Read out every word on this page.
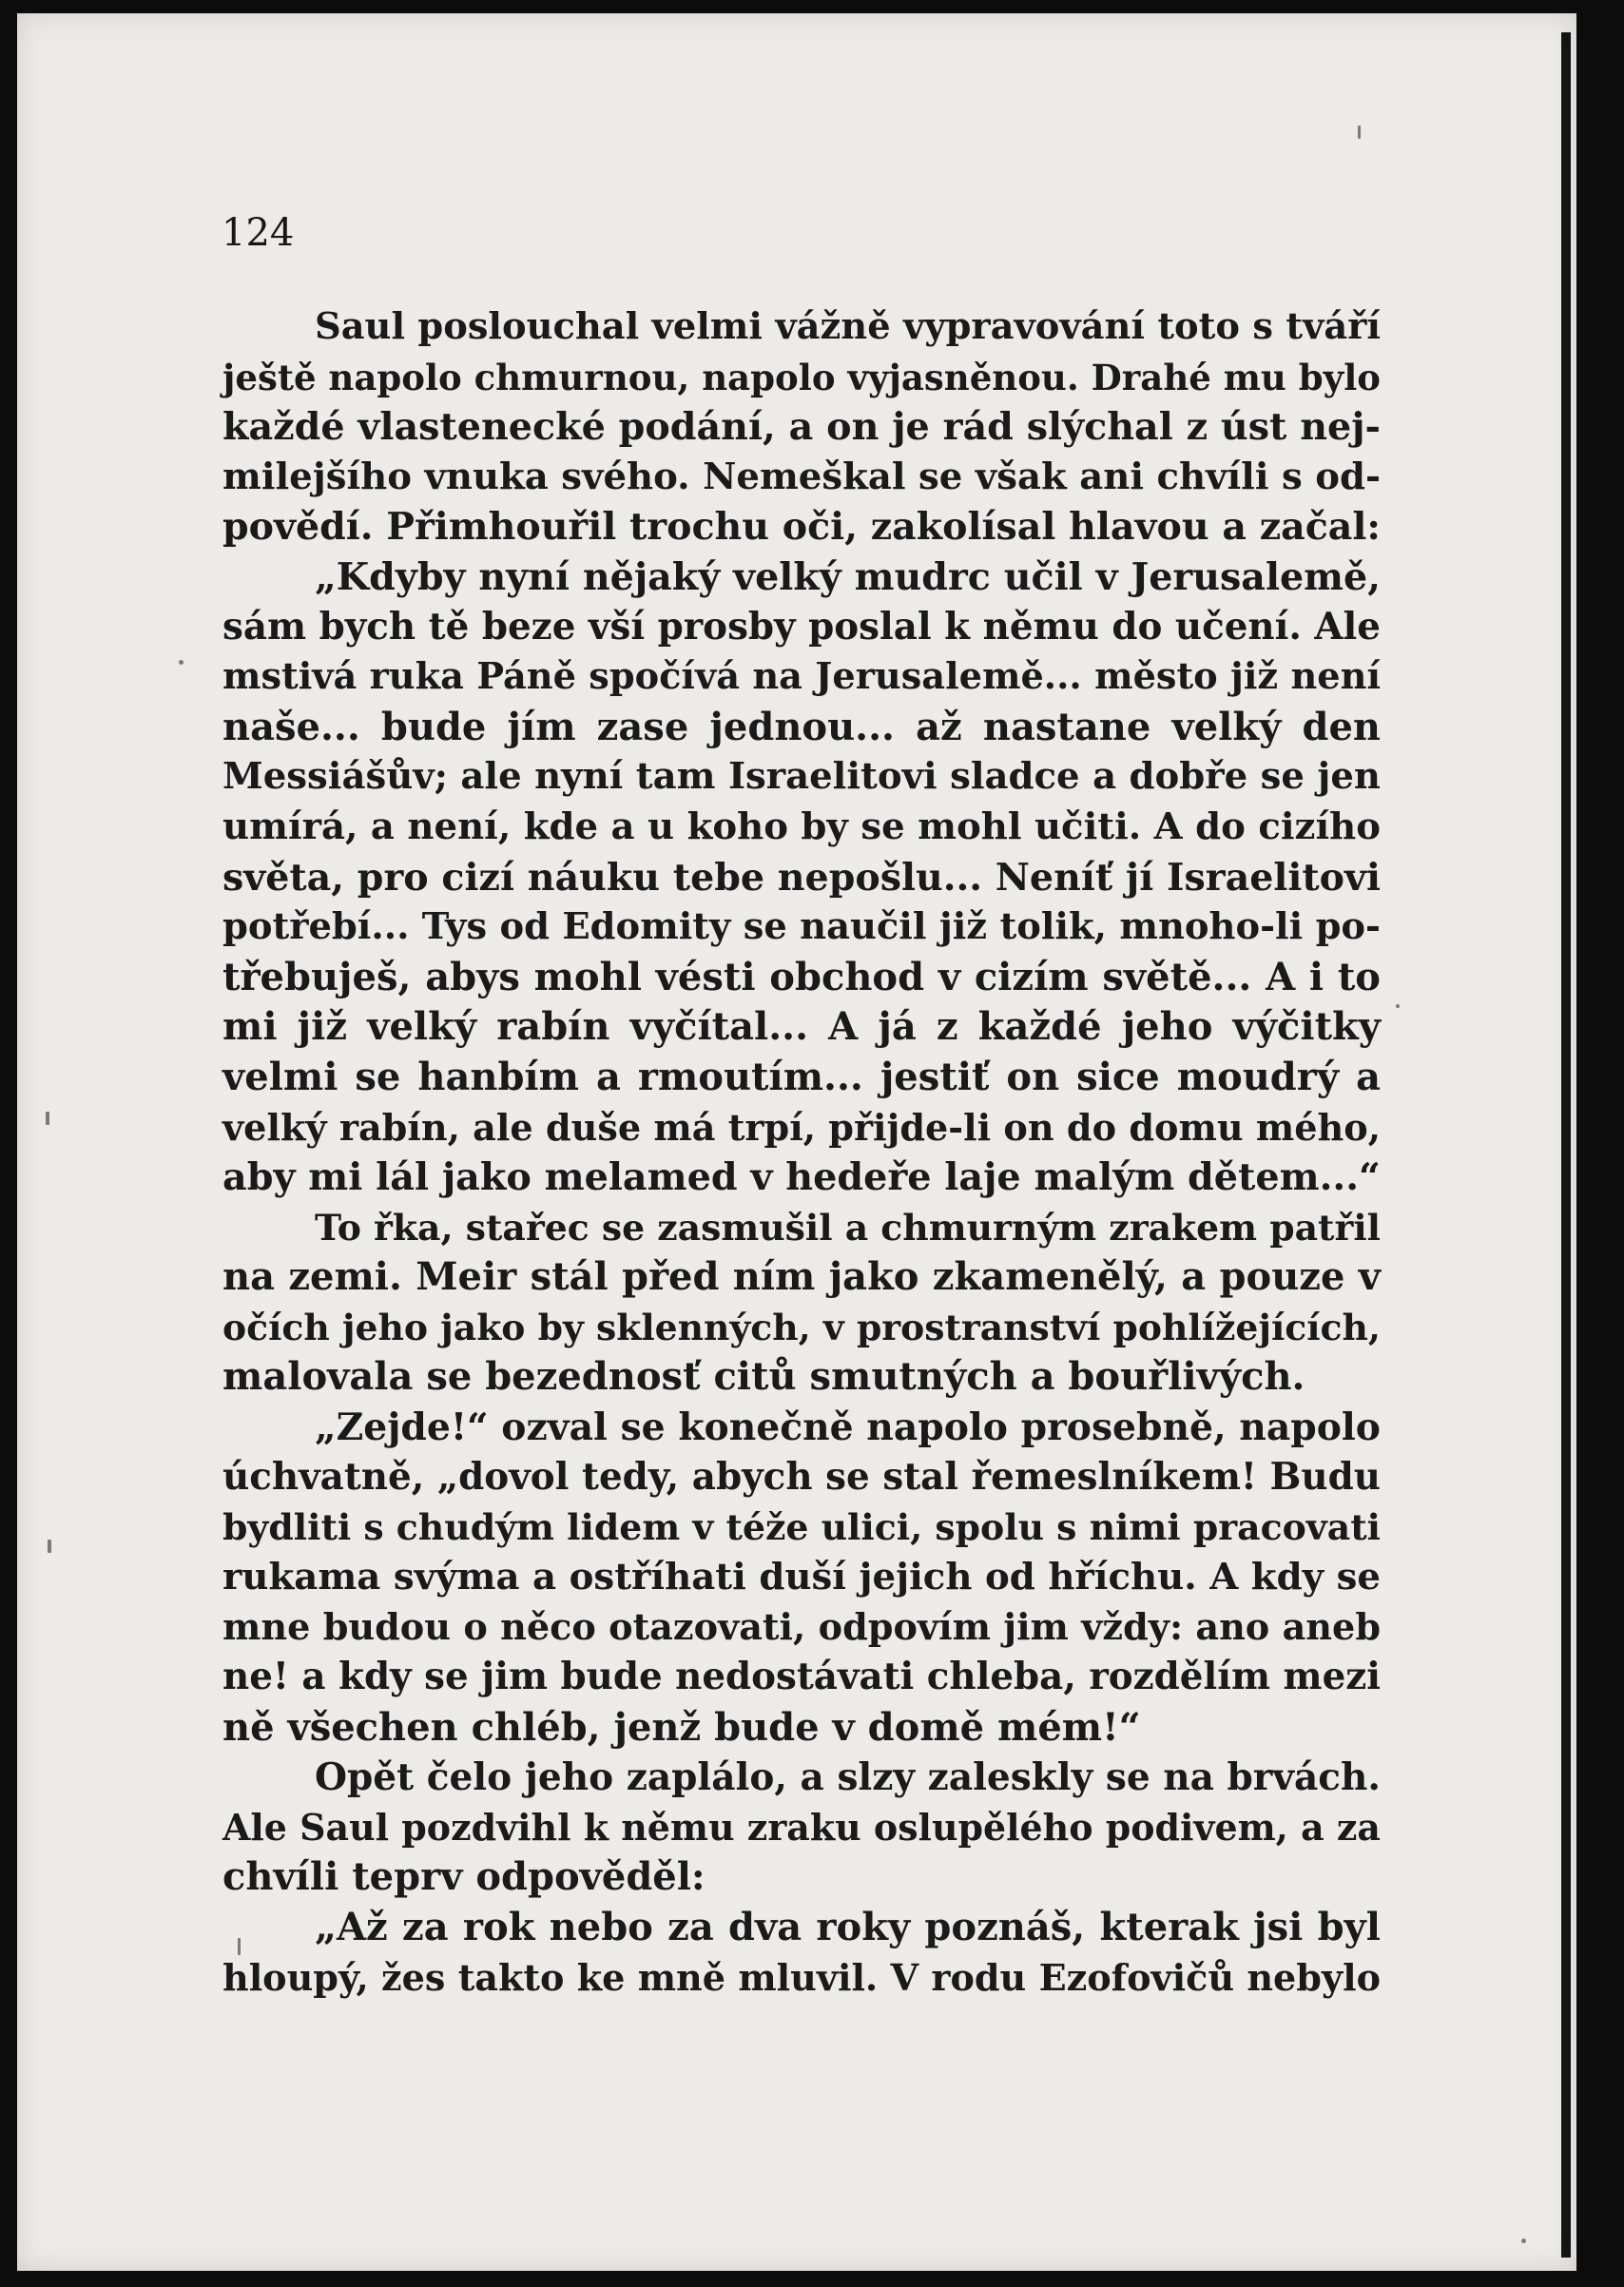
124
Saul poslouchal velmi vážně vypravování toto s tváří
ještě napolo chmurnou, napolo vyjasněnou. Drahé mu bylo
každé vlastenecké podání, a on je rád slýchal z úst nej-
milejšího vnuka svého. Nemeškal se však ani chvíli s od-
povědí. Přimhouřil trochu oči, zakolísal hlavou a začal:
„Kdyby nyní nějaký velký mudrc učil v Jerusalemě,
sám bych tě beze vší prosby poslal k němu do učení. Ale
mstivá ruka Páně spočívá na Jerusalemě... město již není
naše... bude jím zase jednou... až nastane velký den
Messiášův; ale nyní tam Israelitovi sladce a dobře se jen
umírá, a není, kde a u koho by se mohl učiti. A do cizího
světa, pro cizí náuku tebe nepošlu... Neníť jí Israelitovi
potřebí... Tys od Edomity se naučil již tolik, mnoho-li po-
třebuješ, abys mohl vésti obchod v cizím světě... A i to
mi již velký rabín vyčítal... A já z každé jeho výčitky
velmi se hanbím a rmoutím... jestiť on sice moudrý a
velký rabín, ale duše má trpí, přijde-li on do domu mého,
aby mi lál jako melamed v hedeře laje malým dětem...“
To řka, stařec se zasmušil a chmurným zrakem patřil
na zemi. Meir stál před ním jako zkamenělý, a pouze v
očích jeho jako by sklenných, v prostranství pohlížejících,
malovala se bezednosť citů smutných a bouřlivých.
„Zejde!“ ozval se konečně napolo prosebně, napolo
úchvatně, „dovol tedy, abych se stal řemeslníkem! Budu
bydliti s chudým lidem v téže ulici, spolu s nimi pracovati
rukama svýma a ostříhati duší jejich od hříchu. A kdy se
mne budou o něco otazovati, odpovím jim vždy: ano aneb
ne! a kdy se jim bude nedostávati chleba, rozdělím mezi
ně všechen chléb, jenž bude v domě mém!“
Opět čelo jeho zaplálo, a slzy zaleskly se na brvách.
Ale Saul pozdvihl k němu zraku oslupělého podivem, a za
chvíli teprv odpověděl:
„Až za rok nebo za dva roky poznáš, kterak jsi byl
hloupý, žes takto ke mně mluvil. V rodu Ezofovičů nebylo
